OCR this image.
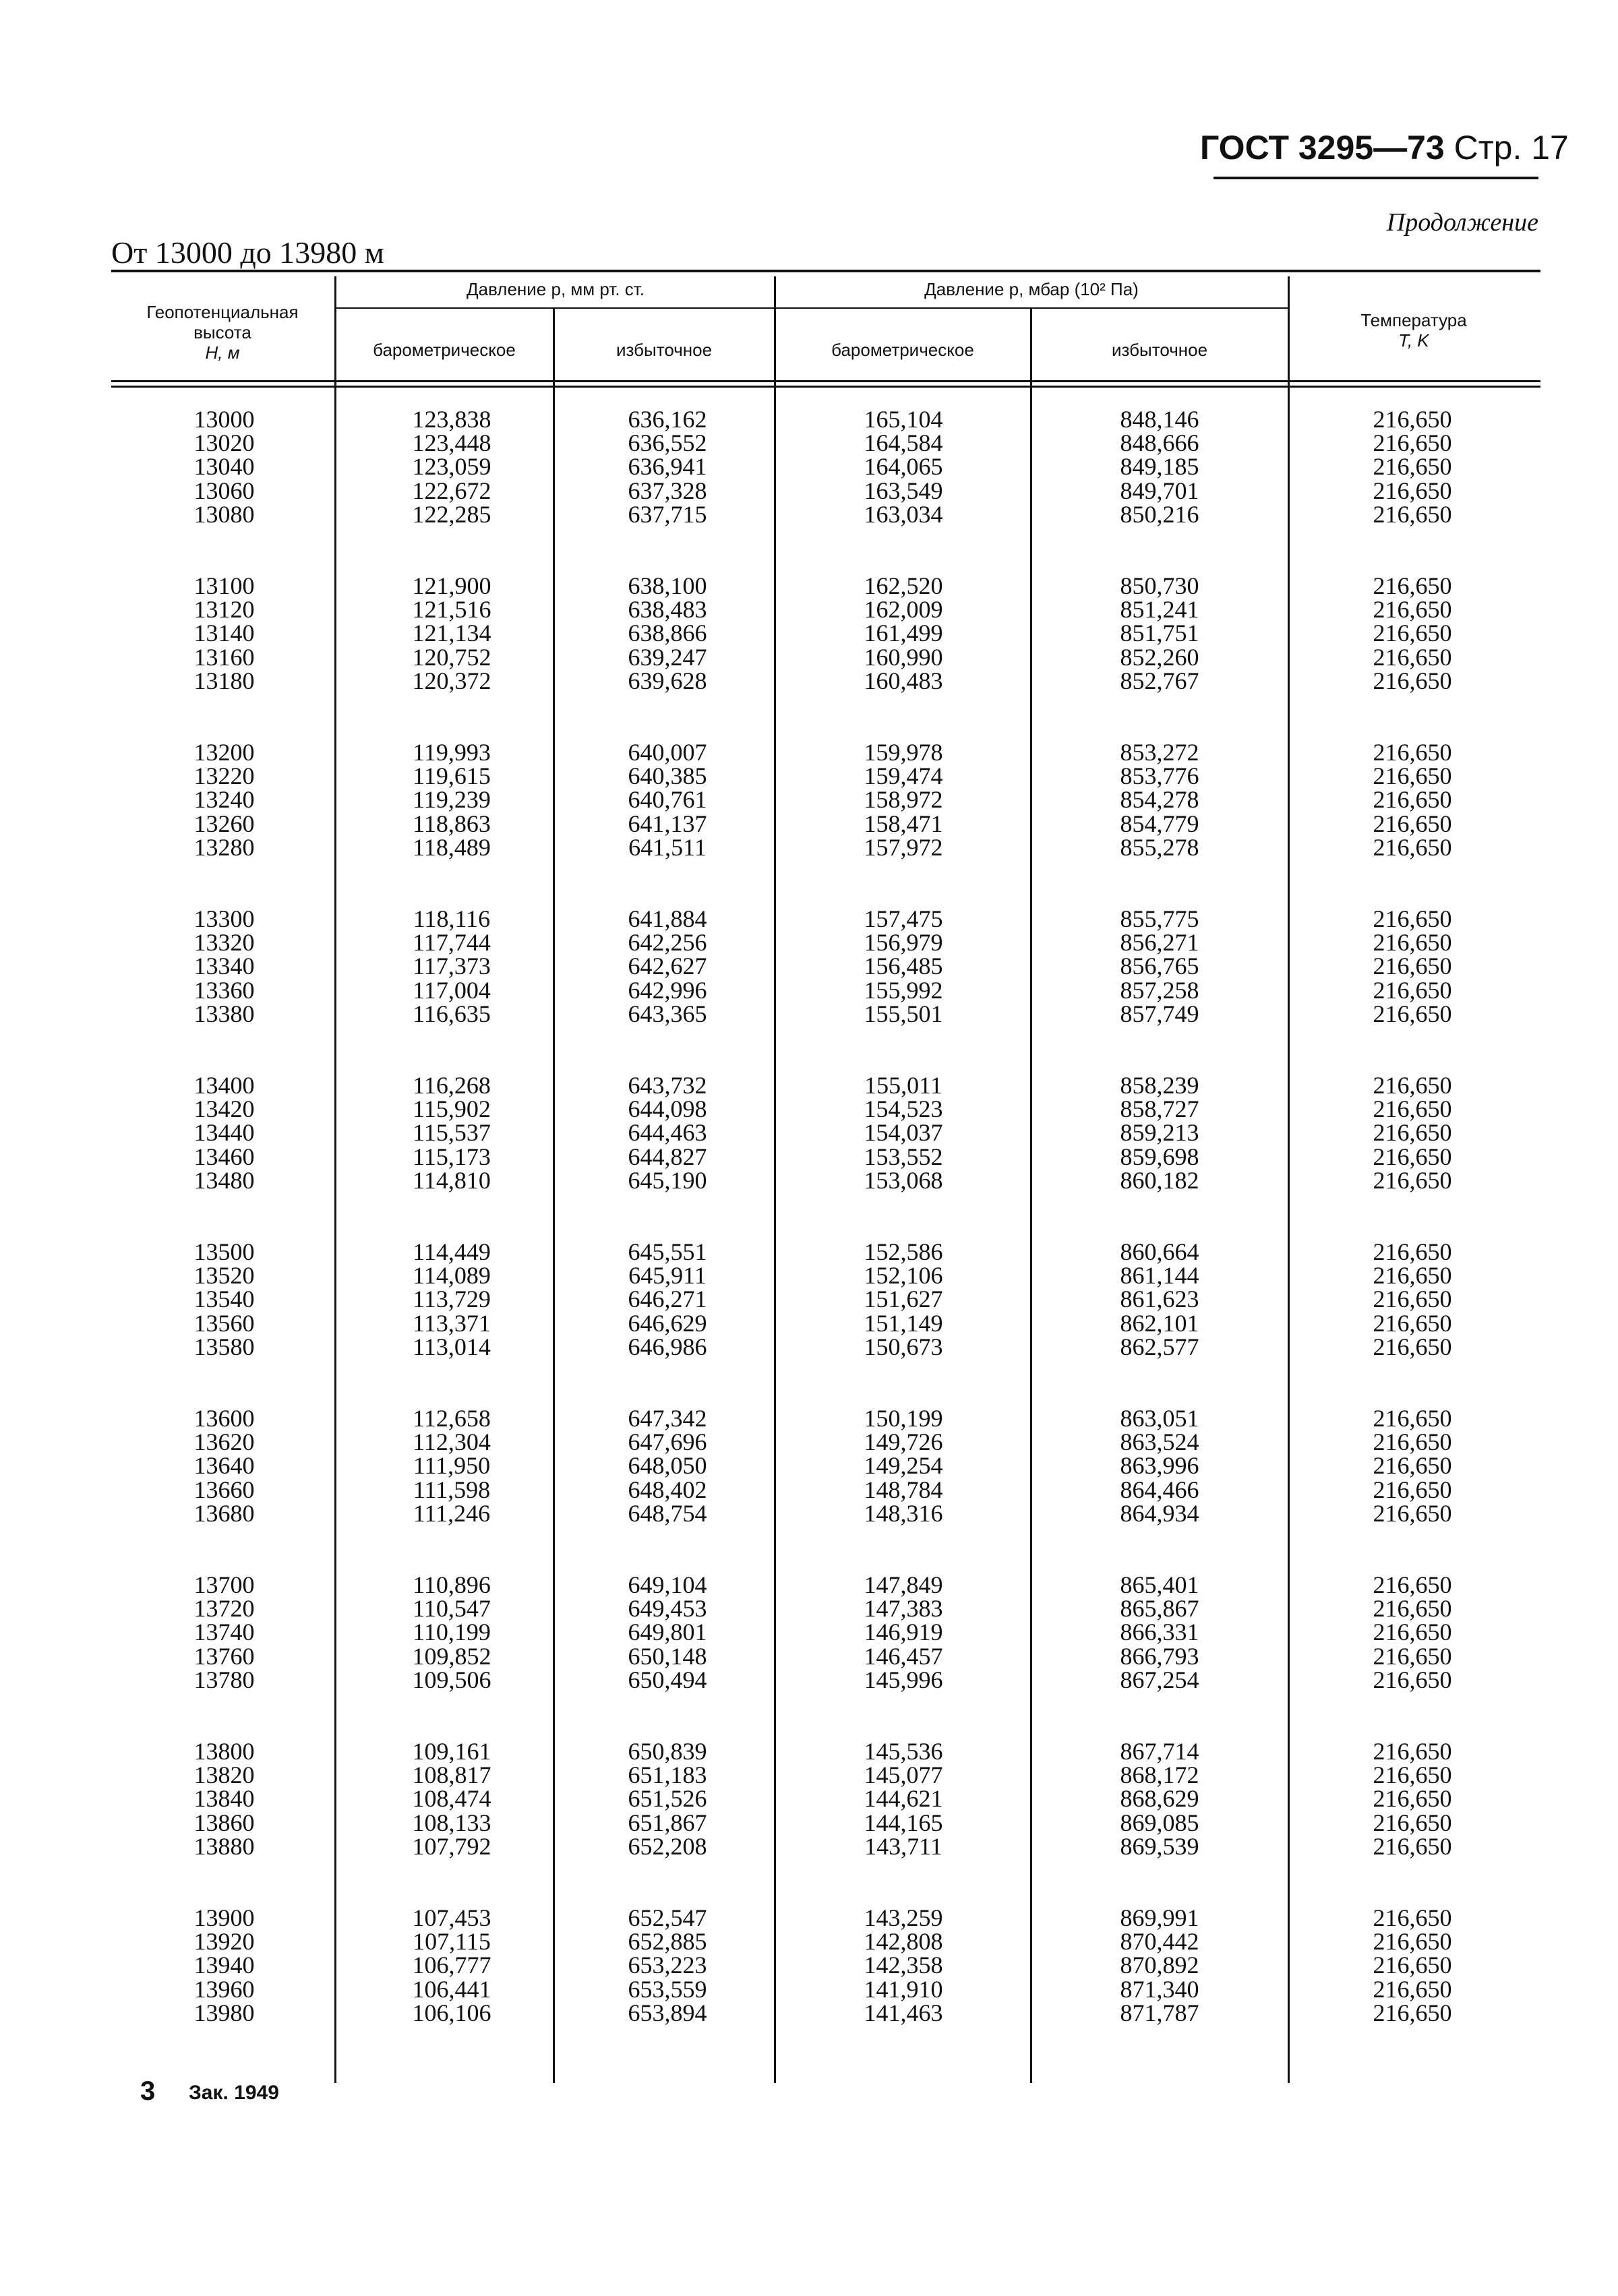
ГОСТ 3295—73 Стр. 17
Продолжение
От 13000 до 13980 м
Геопотенциальная
высота
H, м
Давление p, мм рт. ст.	Давление p, мбар (10² Па)
барометрическое	избыточное	барометрическое	избыточное
Температура
T, K
13000	123,838	636,162	165,104	848,146	216,650
13020	123,448	636,552	164,584	848,666	216,650
13040	123,059	636,941	164,065	849,185	216,650
13060	122,672	637,328	163,549	849,701	216,650
13080	122,285	637,715	163,034	850,216	216,650
13100	121,900	638,100	162,520	850,730	216,650
13120	121,516	638,483	162,009	851,241	216,650
13140	121,134	638,866	161,499	851,751	216,650
13160	120,752	639,247	160,990	852,260	216,650
13180	120,372	639,628	160,483	852,767	216,650
13200	119,993	640,007	159,978	853,272	216,650
13220	119,615	640,385	159,474	853,776	216,650
13240	119,239	640,761	158,972	854,278	216,650
13260	118,863	641,137	158,471	854,779	216,650
13280	118,489	641,511	157,972	855,278	216,650
13300	118,116	641,884	157,475	855,775	216,650
13320	117,744	642,256	156,979	856,271	216,650
13340	117,373	642,627	156,485	856,765	216,650
13360	117,004	642,996	155,992	857,258	216,650
13380	116,635	643,365	155,501	857,749	216,650
13400	116,268	643,732	155,011	858,239	216,650
13420	115,902	644,098	154,523	858,727	216,650
13440	115,537	644,463	154,037	859,213	216,650
13460	115,173	644,827	153,552	859,698	216,650
13480	114,810	645,190	153,068	860,182	216,650
13500	114,449	645,551	152,586	860,664	216,650
13520	114,089	645,911	152,106	861,144	216,650
13540	113,729	646,271	151,627	861,623	216,650
13560	113,371	646,629	151,149	862,101	216,650
13580	113,014	646,986	150,673	862,577	216,650
13600	112,658	647,342	150,199	863,051	216,650
13620	112,304	647,696	149,726	863,524	216,650
13640	111,950	648,050	149,254	863,996	216,650
13660	111,598	648,402	148,784	864,466	216,650
13680	111,246	648,754	148,316	864,934	216,650
13700	110,896	649,104	147,849	865,401	216,650
13720	110,547	649,453	147,383	865,867	216,650
13740	110,199	649,801	146,919	866,331	216,650
13760	109,852	650,148	146,457	866,793	216,650
13780	109,506	650,494	145,996	867,254	216,650
13800	109,161	650,839	145,536	867,714	216,650
13820	108,817	651,183	145,077	868,172	216,650
13840	108,474	651,526	144,621	868,629	216,650
13860	108,133	651,867	144,165	869,085	216,650
13880	107,792	652,208	143,711	869,539	216,650
13900	107,453	652,547	143,259	869,991	216,650
13920	107,115	652,885	142,808	870,442	216,650
13940	106,777	653,223	142,358	870,892	216,650
13960	106,441	653,559	141,910	871,340	216,650
13980	106,106	653,894	141,463	871,787	216,650
3 Зак. 1949
